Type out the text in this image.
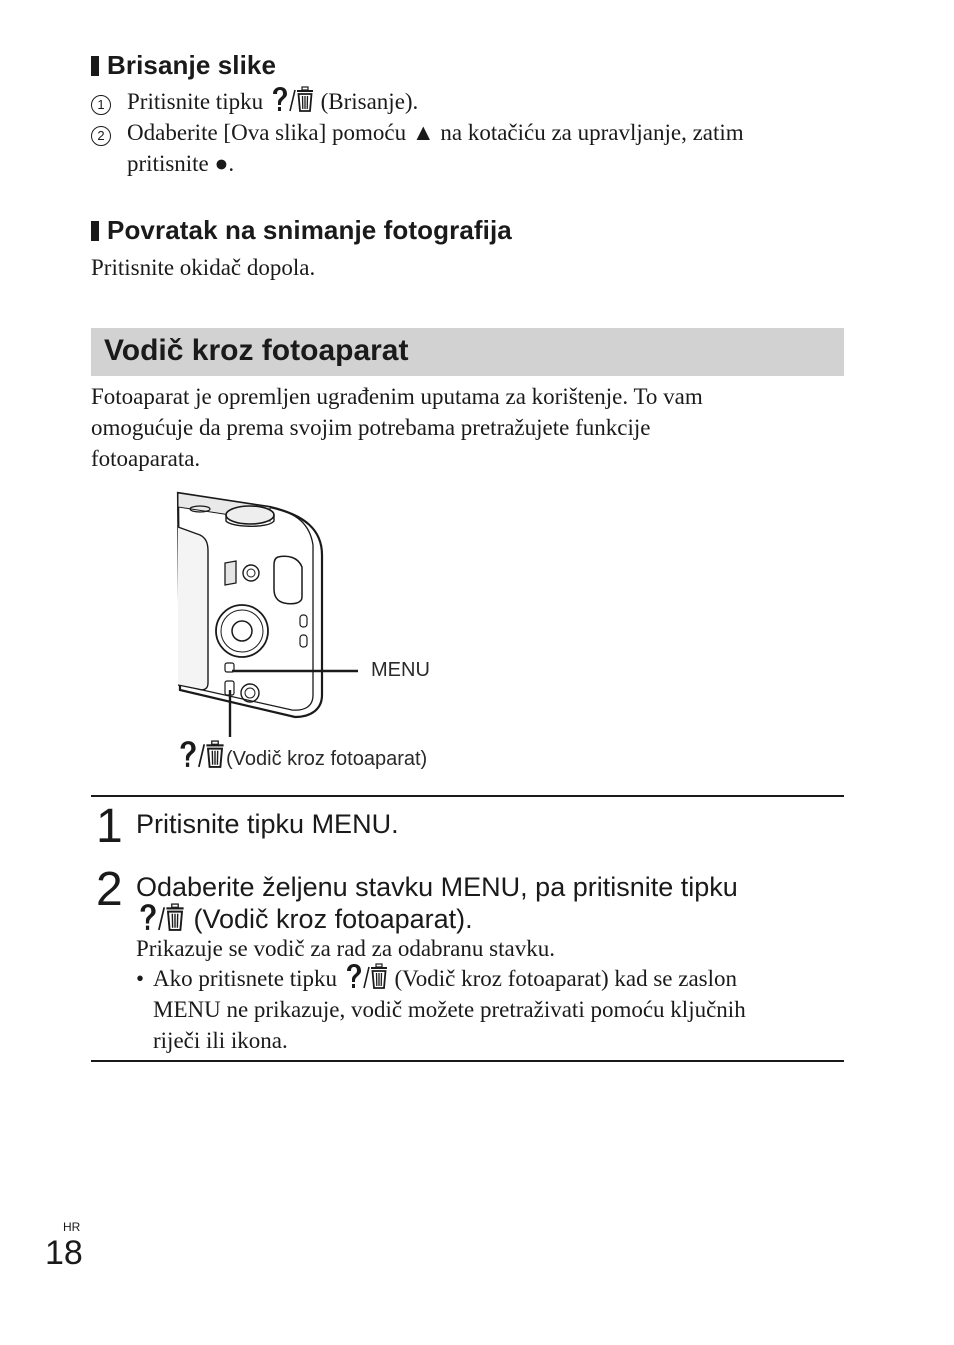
Brisanje slike
1 Pritisnite tipku  (Brisanje).
2 Odaberite [Ova slika] pomoću ▲ na kotačiću za upravljanje, zatim
pritisnite ●.
Povratak na snimanje fotografija
Pritisnite okidač dopola.
Vodič kroz fotoaparat
Fotoaparat je opremljen ugrađenim uputama za korištenje. To vam
omogućuje da prema svojim potrebama pretražujete funkcije
fotoaparata.
MENU
(Vodič kroz fotoaparat)
1 Pritisnite tipku MENU.
2 Odaberite željenu stavku MENU, pa pritisnite tipku
(Vodič kroz fotoaparat).
Prikazuje se vodič za rad za odabranu stavku.
• Ako pritisnete tipku  (Vodič kroz fotoaparat) kad se zaslon
MENU ne prikazuje, vodič možete pretraživati pomoću ključnih
riječi ili ikona.
HR
18
